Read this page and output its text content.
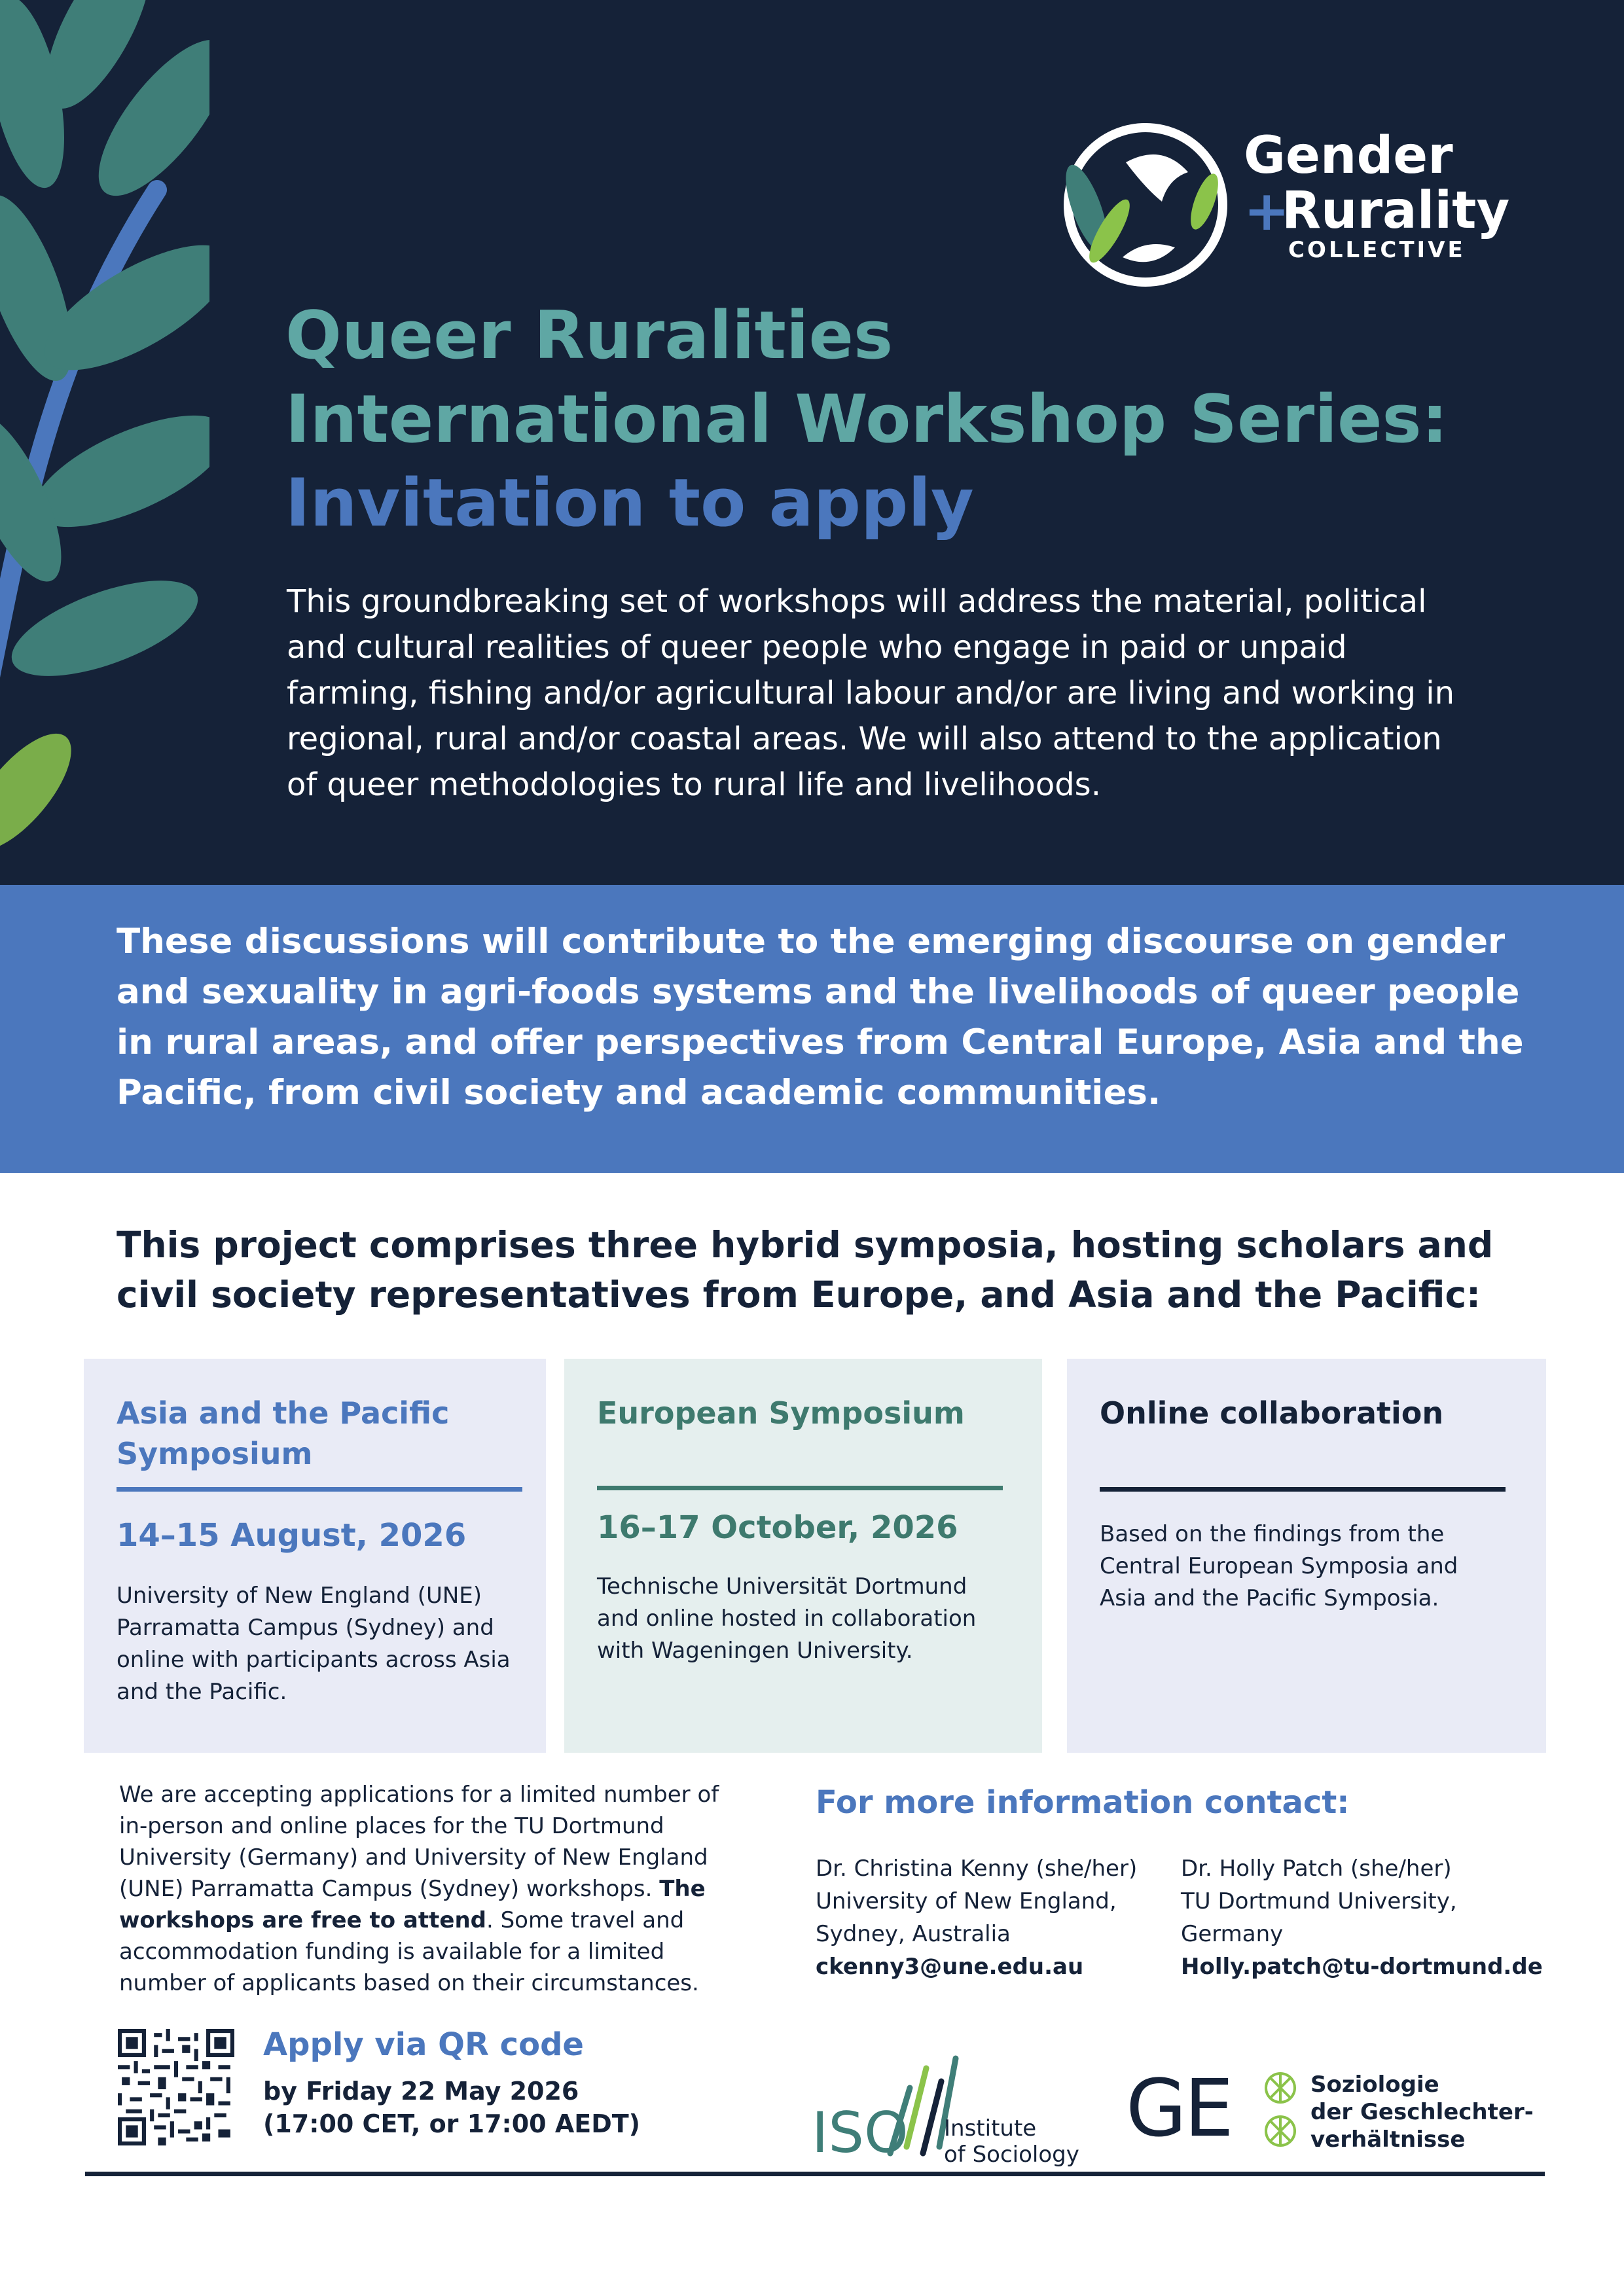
Gender
+
Rurality
COLLECTIVE
Queer Ruralities
International Workshop Series:
Invitation to apply
This groundbreaking set of workshops will address the material, political and cultural realities of queer people who engage in paid or unpaid farming, fishing and/or agricultural labour and/or are living and working in regional, rural and/or coastal areas. We will also attend to the application of queer methodologies to rural life and livelihoods.
These discussions will contribute to the emerging discourse on gender and sexuality in agri-foods systems and the livelihoods of queer people in rural areas, and offer perspectives from Central Europe, Asia and the Pacific, from civil society and academic communities.
This project comprises three hybrid symposia, hosting scholars and civil society representatives from Europe, and Asia and the Pacific:
Asia and the Pacific Symposium
14–15 August, 2026
University of New England (UNE) Parramatta Campus (Sydney) and online with participants across Asia and the Pacific.
European Symposium
16–17 October, 2026
Technische Universität Dortmund and online hosted in collaboration with Wageningen University.
Online collaboration
Based on the findings from the Central European Symposia and Asia and the Pacific Symposia.
We are accepting applications for a limited number of in-person and online places for the TU Dortmund University (Germany) and University of New England (UNE) Parramatta Campus (Sydney) workshops. The workshops are free to attend. Some travel and accommodation funding is available for a limited number of applicants based on their circumstances.
Apply via QR code
by Friday 22 May 2026
(17:00 CET, or 17:00 AEDT)
For more information contact:
Dr. Christina Kenny (she/her)
University of New England,
Sydney, Australia
ckenny3@une.edu.au
Dr. Holly Patch (she/her)
TU Dortmund University,
Germany
Holly.patch@tu-dortmund.de
ISO Institute
of Sociology GE	Soziologie
der Geschlechter-
verhältnisse
